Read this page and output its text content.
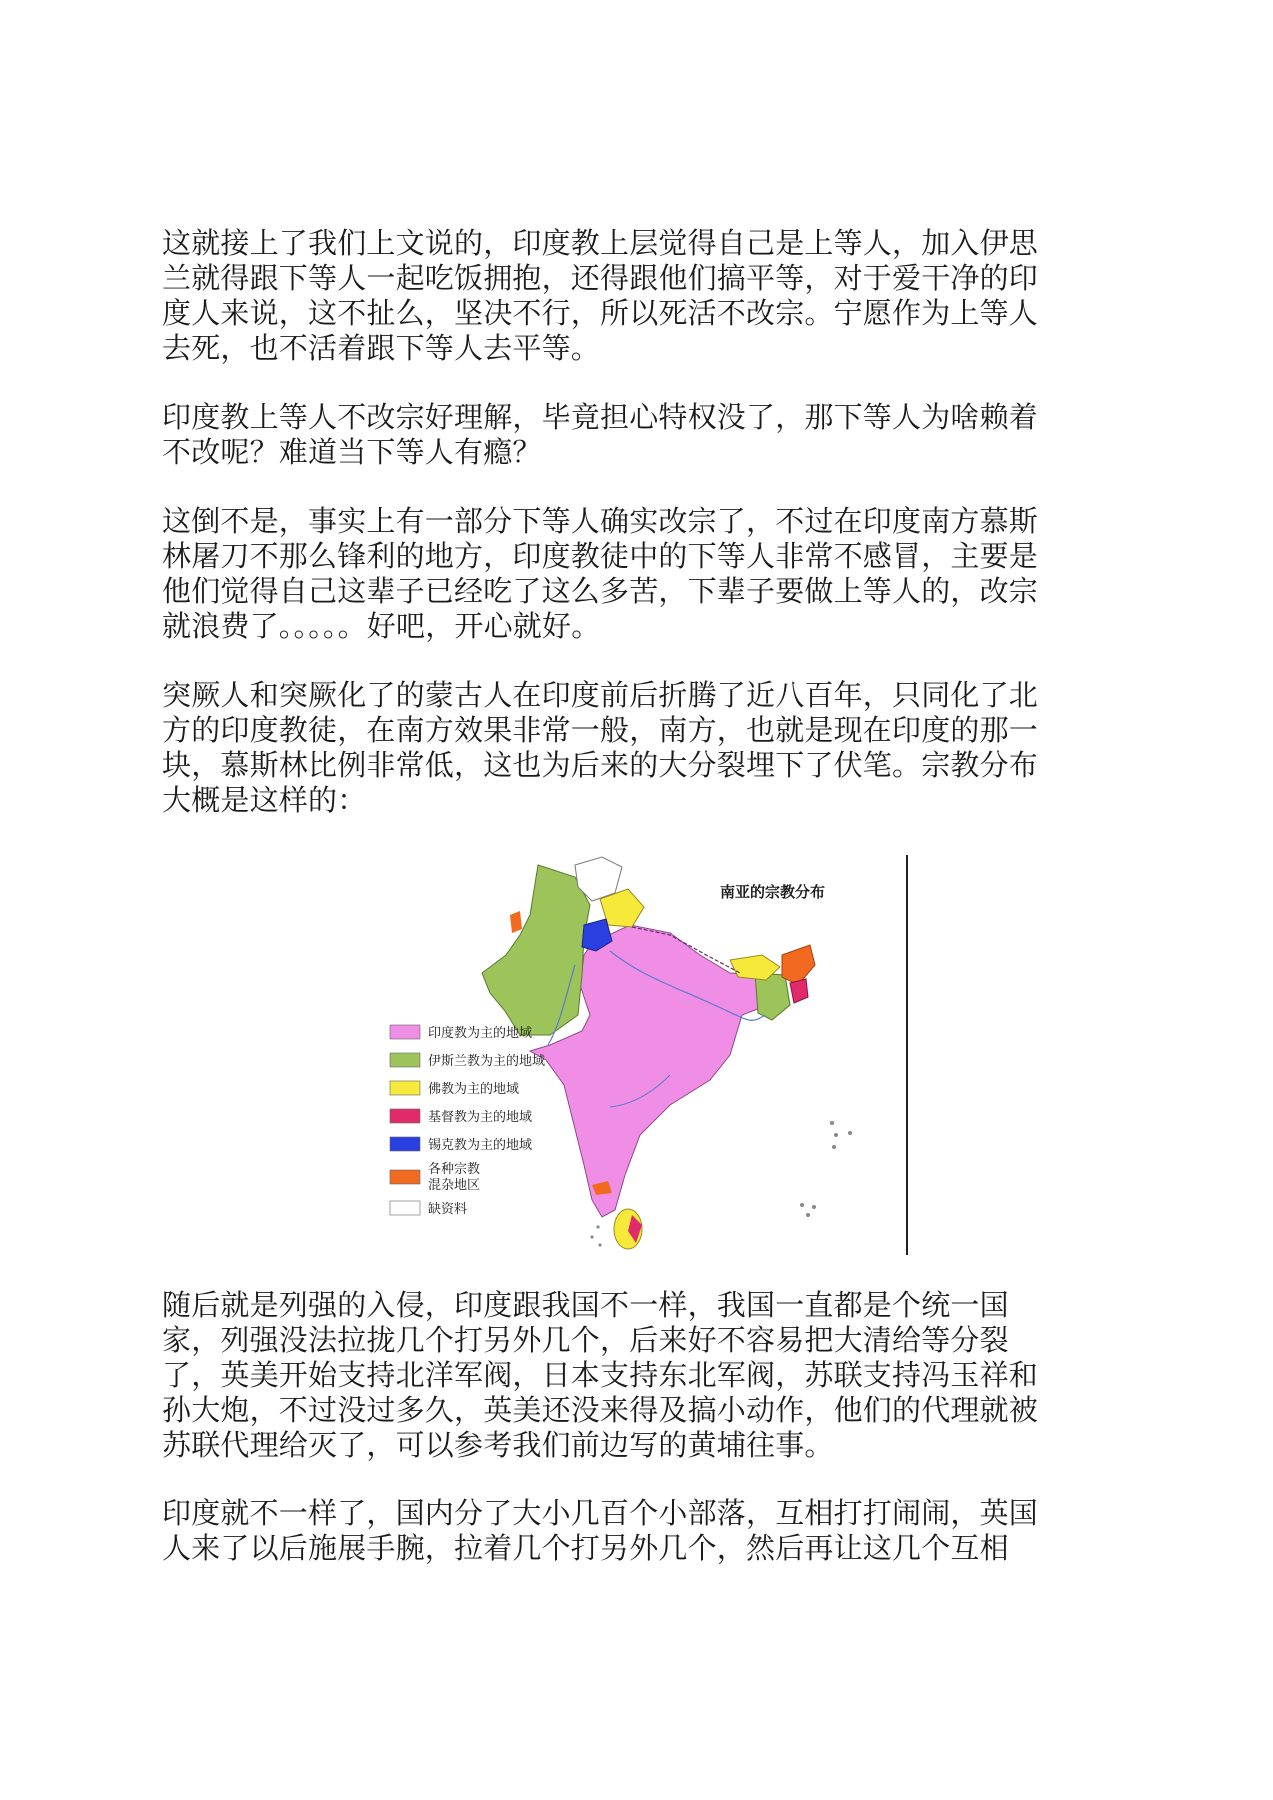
这就接上了我们上文说的，印度教上层觉得自己是上等人，加入伊思
兰就得跟下等人一起吃饭拥抱，还得跟他们搞平等，对于爱干净的印
度人来说，这不扯么，坚决不行，所以死活不改宗。宁愿作为上等人
去死，也不活着跟下等人去平等。

印度教上等人不改宗好理解，毕竟担心特权没了，那下等人为啥赖着
不改呢？难道当下等人有瘾？

这倒不是，事实上有一部分下等人确实改宗了，不过在印度南方慕斯
林屠刀不那么锋利的地方，印度教徒中的下等人非常不感冒，主要是
他们觉得自己这辈子已经吃了这么多苦，下辈子要做上等人的，改宗
就浪费了。。。。。好吧，开心就好。

突厥人和突厥化了的蒙古人在印度前后折腾了近八百年，只同化了北
方的印度教徒，在南方效果非常一般，南方，也就是现在印度的那一
块，慕斯林比例非常低，这也为后来的大分裂埋下了伏笔。宗教分布
大概是这样的：

南亚的宗教分布
印度教为主的地域
伊斯兰教为主的地域
佛教为主的地域
基督教为主的地域
锡克教为主的地域
各种宗教
混杂地区
缺资料

随后就是列强的入侵，印度跟我国不一样，我国一直都是个统一国
家，列强没法拉拢几个打另外几个，后来好不容易把大清给等分裂
了，英美开始支持北洋军阀，日本支持东北军阀，苏联支持冯玉祥和
孙大炮，不过没过多久，英美还没来得及搞小动作，他们的代理就被
苏联代理给灭了，可以参考我们前边写的黄埔往事。

印度就不一样了，国内分了大小几百个小部落，互相打打闹闹，英国
人来了以后施展手腕，拉着几个打另外几个，然后再让这几个互相
